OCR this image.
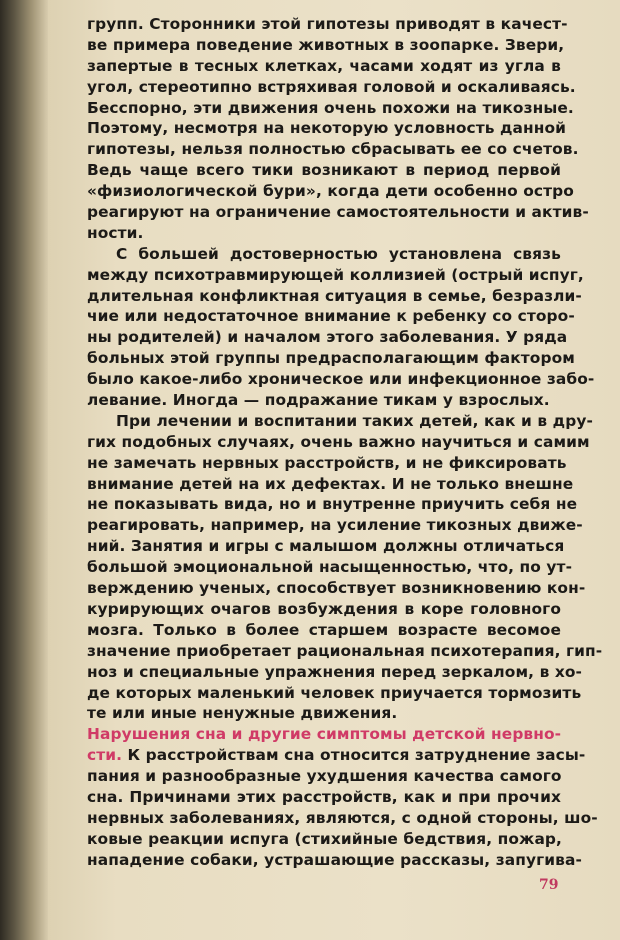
групп. Сторонники этой гипотезы приводят в качест-
ве примера поведение животных в зоопарке. Звери,
запертые в тесных клетках, часами ходят из угла в
угол, стереотипно встряхивая головой и оскаливаясь.
Бесспорно, эти движения очень похожи на тикозные.
Поэтому, несмотря на некоторую условность данной
гипотезы, нельзя полностью сбрасывать ее со счетов.
Ведь чаще всего тики возникают в период первой
«физиологической бури», когда дети особенно остро
реагируют на ограничение самостоятельности и актив-
ности.
С большей достоверностью установлена связь
между психотравмирующей коллизией (острый испуг,
длительная конфликтная ситуация в семье, безразли-
чие или недостаточное внимание к ребенку со сторо-
ны родителей) и началом этого заболевания. У ряда
больных этой группы предрасполагающим фактором
было какое-либо хроническое или инфекционное забо-
левание. Иногда — подражание тикам у взрослых.
При лечении и воспитании таких детей, как и в дру-
гих подобных случаях, очень важно научиться и самим
не замечать нервных расстройств, и не фиксировать
внимание детей на их дефектах. И не только внешне
не показывать вида, но и внутренне приучить себя не
реагировать, например, на усиление тикозных движе-
ний. Занятия и игры с малышом должны отличаться
большой эмоциональной насыщенностью, что, по ут-
верждению ученых, способствует возникновению кон-
курирующих очагов возбуждения в коре головного
мозга. Только в более старшем возрасте весомое
значение приобретает рациональная психотерапия, гип-
ноз и специальные упражнения перед зеркалом, в хо-
де которых маленький человек приучается тормозить
те или иные ненужные движения.
Нарушения сна и другие симптомы детской нервно-
сти. К расстройствам сна относится затруднение засы-
пания и разнообразные ухудшения качества самого
сна. Причинами этих расстройств, как и при прочих
нервных заболеваниях, являются, с одной стороны, шо-
ковые реакции испуга (стихийные бедствия, пожар,
нападение собаки, устрашающие рассказы, запугива-
79
